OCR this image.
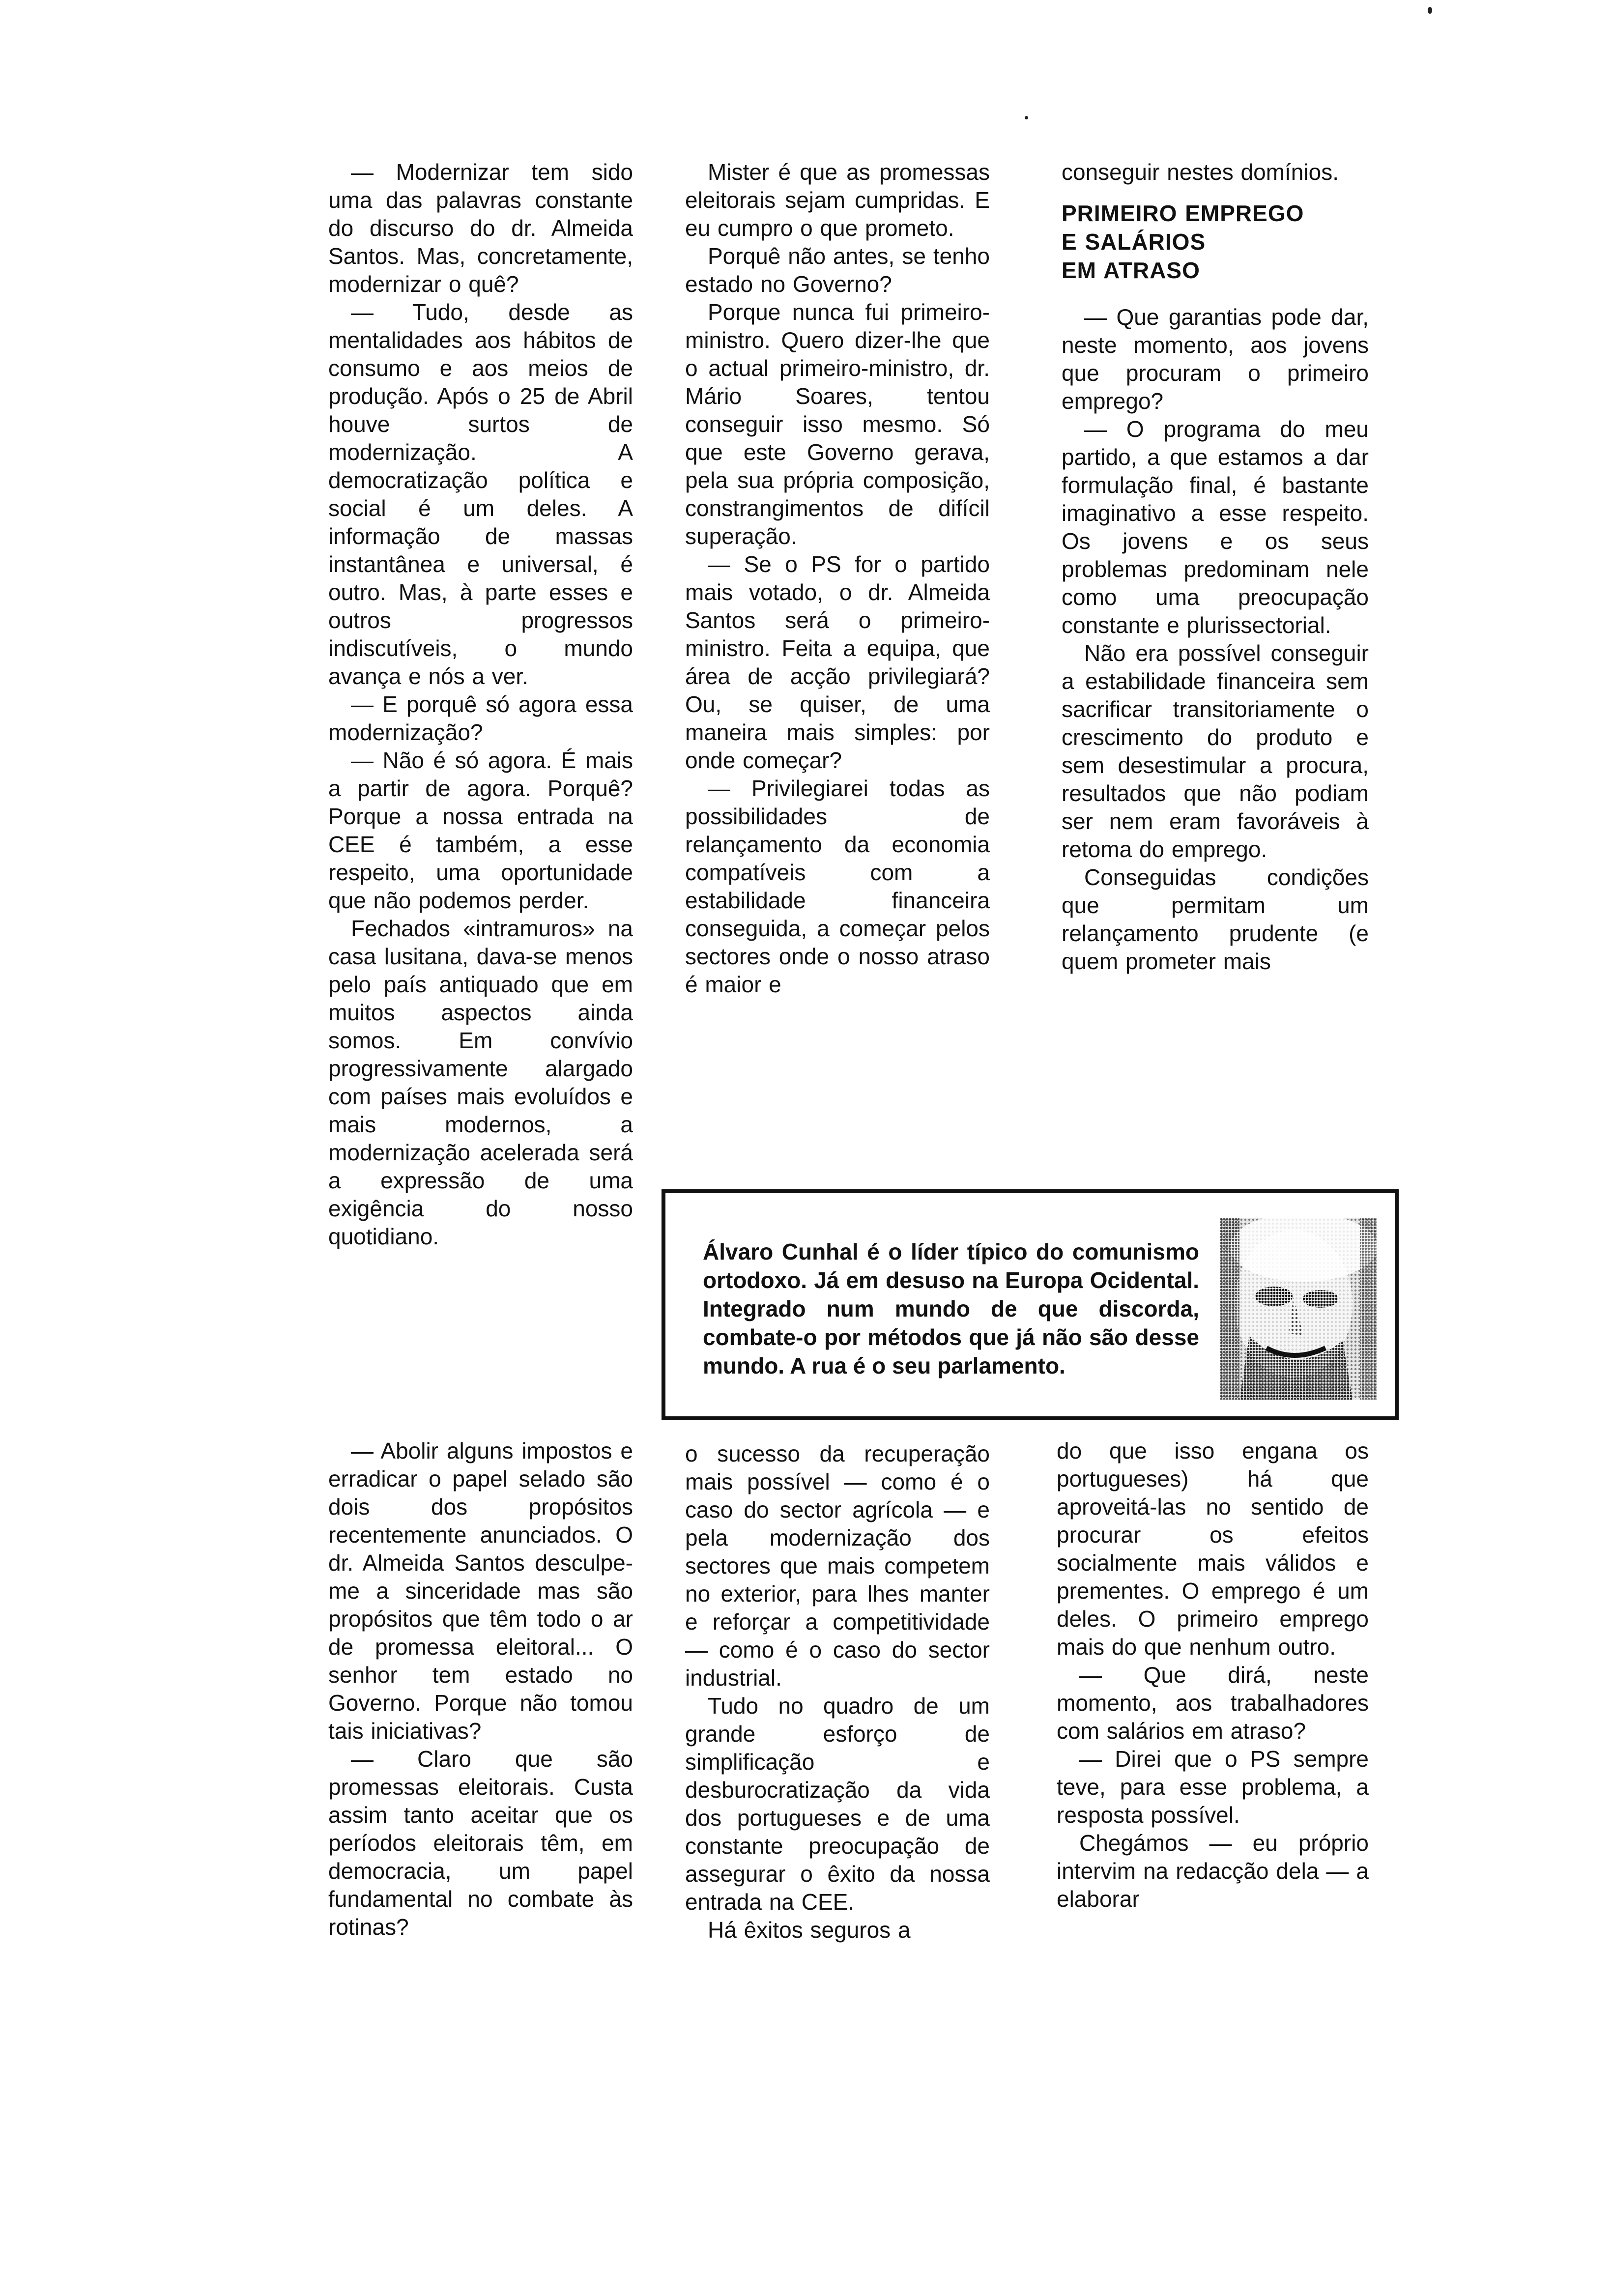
— Modernizar tem sido uma das palavras constante do discurso do dr. Almeida Santos. Mas, concretamente, modernizar o quê?

— Tudo, desde as mentalidades aos hábitos de consumo e aos meios de produção. Após o 25 de Abril houve surtos de modernização. A democratização política e social é um deles. A informação de massas instantânea e universal, é outro. Mas, à parte esses e outros progressos indiscutíveis, o mundo avança e nós a ver.

— E porquê só agora essa modernização?

— Não é só agora. É mais a partir de agora. Porquê? Porque a nossa entrada na CEE é também, a esse respeito, uma oportunidade que não podemos perder.

Fechados «intramuros» na casa lusitana, dava-se menos pelo país antiquado que em muitos aspectos ainda somos. Em convívio progressivamente alargado com países mais evoluídos e mais modernos, a modernização acelerada será a expressão de uma exigência do nosso quotidiano.

Mister é que as promessas eleitorais sejam cumpridas. E eu cumpro o que prometo.

Porquê não antes, se tenho estado no Governo?

Porque nunca fui primeiro-ministro. Quero dizer-lhe que o actual primeiro-ministro, dr. Mário Soares, tentou conseguir isso mesmo. Só que este Governo gerava, pela sua própria composição, constrangimentos de difícil superação.

— Se o PS for o partido mais votado, o dr. Almeida Santos será o primeiro-ministro. Feita a equipa, que área de acção privilegiará? Ou, se quiser, de uma maneira mais simples: por onde começar?

— Privilegiarei todas as possibilidades de relançamento da economia compatíveis com a estabilidade financeira conseguida, a começar pelos sectores onde o nosso atraso é maior e

conseguir nestes domínios.

PRIMEIRO EMPREGO
E SALÁRIOS
EM ATRASO

— Que garantias pode dar, neste momento, aos jovens que procuram o primeiro emprego?

— O programa do meu partido, a que estamos a dar formulação final, é bastante imaginativo a esse respeito. Os jovens e os seus problemas predominam nele como uma preocupação constante e plurissectorial.

Não era possível conseguir a estabilidade financeira sem sacrificar transitoriamente o crescimento do produto e sem desestimular a procura, resultados que não podiam ser nem eram favoráveis à retoma do emprego.

Conseguidas condições que permitam um relançamento prudente (e quem prometer mais

Álvaro Cunhal é o líder típico do comunismo ortodoxo. Já em desuso na Europa Ocidental. Integrado num mundo de que discorda, combate-o por métodos que já não são desse mundo. A rua é o seu parlamento.

— Abolir alguns impostos e erradicar o papel selado são dois dos propósitos recentemente anunciados. O dr. Almeida Santos desculpe-me a sinceridade mas são propósitos que têm todo o ar de promessa eleitoral... O senhor tem estado no Governo. Porque não tomou tais iniciativas?

— Claro que são promessas eleitorais. Custa assim tanto aceitar que os períodos eleitorais têm, em democracia, um papel fundamental no combate às rotinas?

o sucesso da recuperação mais possível — como é o caso do sector agrícola — e pela modernização dos sectores que mais competem no exterior, para lhes manter e reforçar a competitividade — como é o caso do sector industrial.

Tudo no quadro de um grande esforço de simplificação e desburocratização da vida dos portugueses e de uma constante preocupação de assegurar o êxito da nossa entrada na CEE.

Há êxitos seguros a

do que isso engana os portugueses) há que aproveitá-las no sentido de procurar os efeitos socialmente mais válidos e prementes. O emprego é um deles. O primeiro emprego mais do que nenhum outro.

— Que dirá, neste momento, aos trabalhadores com salários em atraso?

— Direi que o PS sempre teve, para esse problema, a resposta possível.

Chegámos — eu próprio intervim na redacção dela — a elaborar
